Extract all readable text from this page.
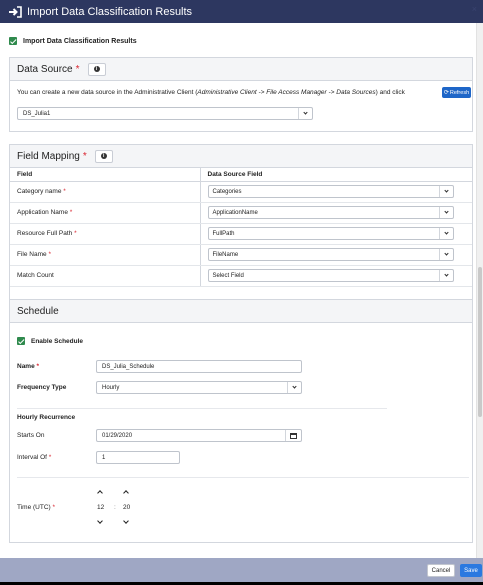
Import Data Classification Results	×
Import Data Classification Results
Data Source *	i
You can create a new data source in the Administrative Client (Administrative Client -> File Access Manager -> Data Sources) and click	⟳ Refresh
DS_Julia1
Field Mapping *	i
Field	Data Source Field
Category name *	Categories

Application Name *	ApplicationName

Resource Full Path *	FullPath

File Name *	FileName

Match Count	Select Field
Schedule
Enable Schedule
Name *	DS_Julia_Schedule
Frequency Type	Hourly
Hourly Recurrence
Starts On	01/29/2020
Interval Of *	1
Time (UTC) *	12 : 20
Cancel	Save
